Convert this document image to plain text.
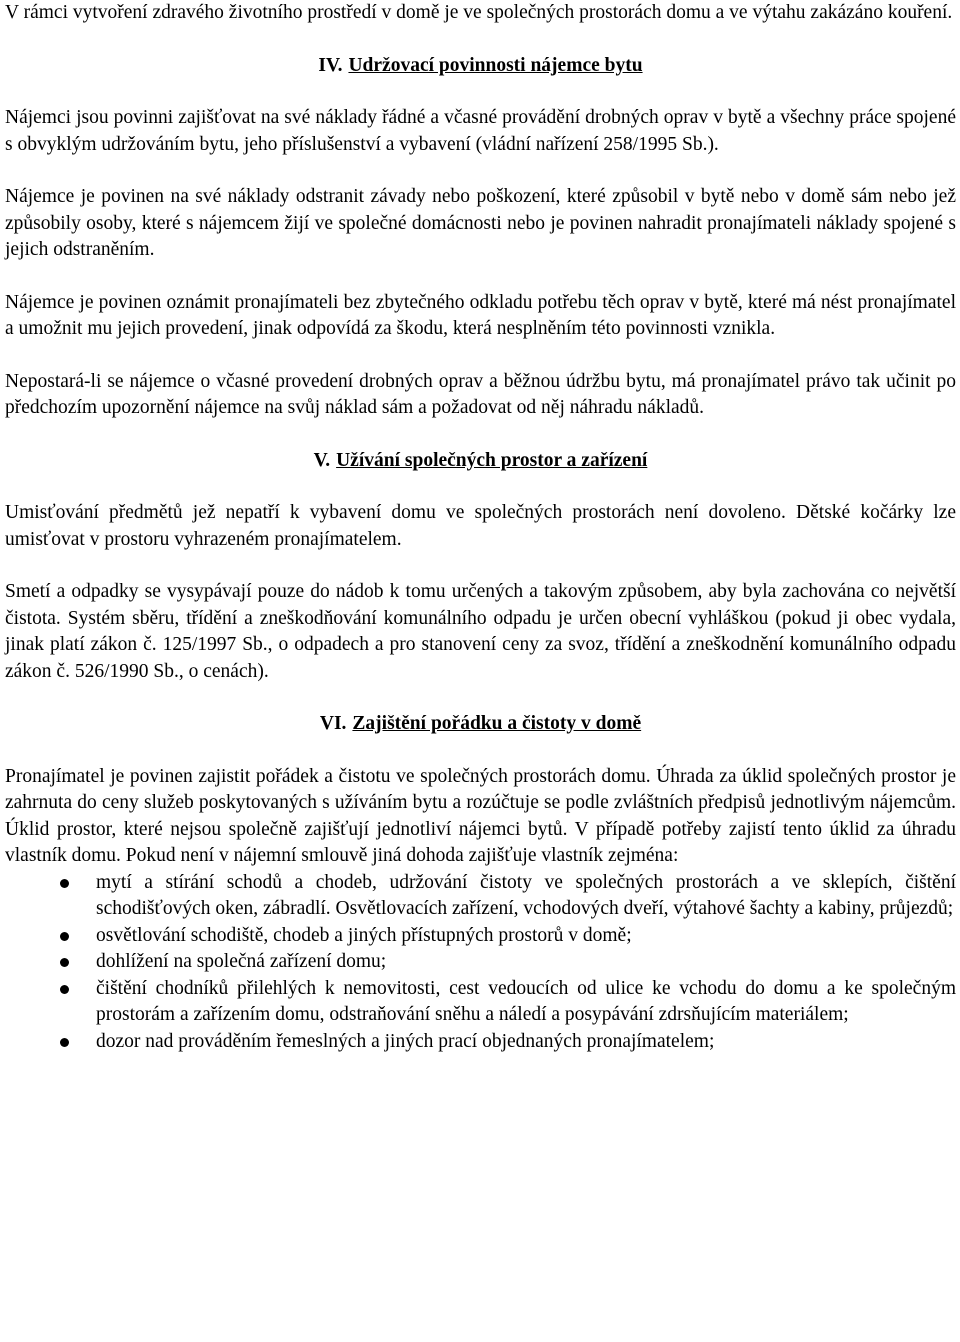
V rámci vytvoření zdravého životního prostředí v domě je ve společných prostorách domu a ve výtahu zakázáno kouření.

IV. Udržovací povinnosti nájemce bytu

Nájemci jsou povinni zajišťovat na své náklady řádné a včasné provádění drobných oprav v bytě a všechny práce spojené s obvyklým udržováním bytu, jeho příslušenství a vybavení (vládní nařízení 258/1995 Sb.).

Nájemce je povinen na své náklady odstranit závady nebo poškození, které způsobil v bytě nebo v domě sám nebo jež způsobily osoby, které s nájemcem žijí ve společné domácnosti nebo je povinen nahradit pronajímateli náklady spojené s jejich odstraněním.

Nájemce je povinen oznámit pronajímateli bez zbytečného odkladu potřebu těch oprav v bytě, které má nést pronajímatel a umožnit mu jejich provedení, jinak odpovídá za škodu, která nesplněním této povinnosti vznikla.

Nepostará-li se nájemce o včasné provedení drobných oprav a běžnou údržbu bytu, má pronajímatel právo tak učinit po předchozím upozornění nájemce na svůj náklad sám a požadovat od něj náhradu nákladů.

V. Užívání společných prostor a zařízení

Umisťování předmětů jež nepatří k vybavení domu ve společných prostorách není dovoleno. Dětské kočárky lze umisťovat v prostoru vyhrazeném pronajímatelem.

Smetí a odpadky se vysypávají pouze do nádob k tomu určených a takovým způsobem, aby byla zachována co největší čistota. Systém sběru, třídění a zneškodňování komunálního odpadu je určen obecní vyhláškou (pokud ji obec vydala, jinak platí zákon č. 125/1997 Sb., o odpadech a pro stanovení ceny za svoz, třídění a zneškodnění komunálního odpadu zákon č. 526/1990 Sb., o cenách).

VI. Zajištění pořádku a čistoty v domě

Pronajímatel je povinen zajistit pořádek a čistotu ve společných prostorách domu. Úhrada za úklid společných prostor je zahrnuta do ceny služeb poskytovaných s užíváním bytu a rozúčtuje se podle zvláštních předpisů jednotlivým nájemcům. Úklid prostor, které nejsou společně zajišťují jednotliví nájemci bytů. V případě potřeby zajistí tento úklid za úhradu vlastník domu. Pokud není v nájemní smlouvě jiná dohoda zajišťuje vlastník zejména:

mytí a stírání schodů a chodeb, udržování čistoty ve společných prostorách a ve sklepích, čištění schodišťových oken, zábradlí. Osvětlovacích zařízení, vchodových dveří, výtahové šachty a kabiny, průjezdů;
osvětlování schodiště, chodeb a jiných přístupných prostorů v domě;
dohlížení na společná zařízení domu;
čištění chodníků přilehlých k nemovitosti, cest vedoucích od ulice ke vchodu do domu a ke společným prostorám a zařízením domu, odstraňování sněhu a náledí a posypávání zdrsňujícím materiálem;
dozor nad prováděním řemeslných a jiných prací objednaných pronajímatelem;
